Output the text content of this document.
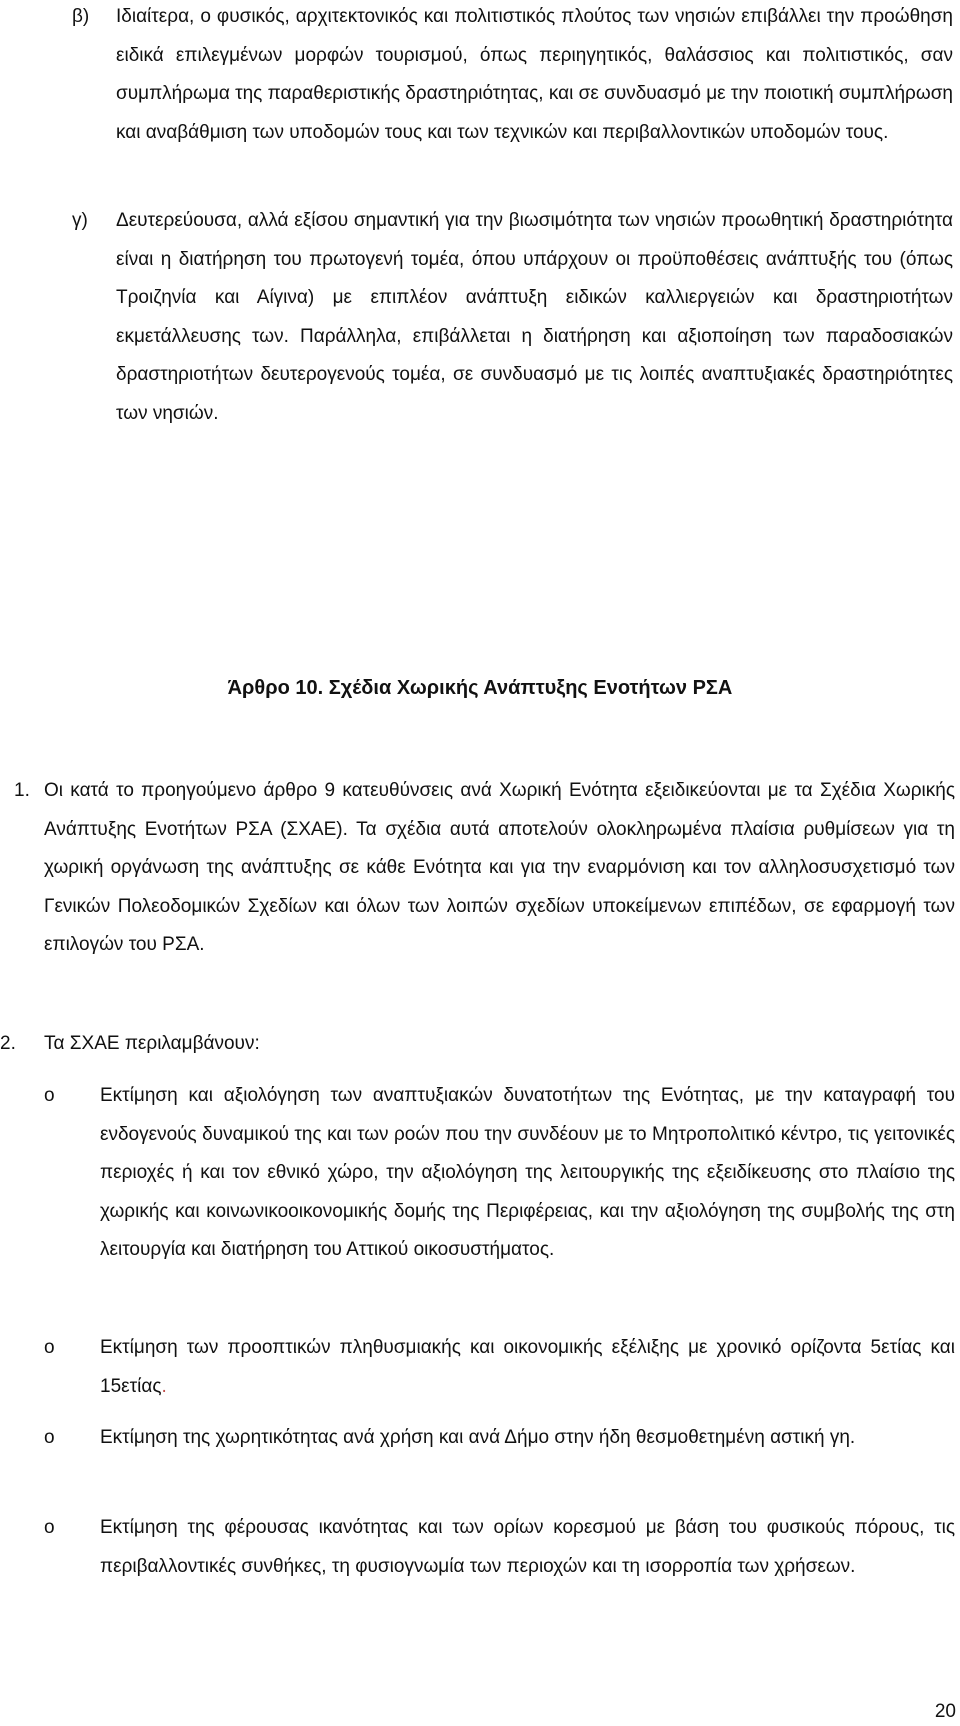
β)	Ιδιαίτερα, ο φυσικός, αρχιτεκτονικός και πολιτιστικός πλούτος των νησιών επιβάλλει την προώθηση ειδικά επιλεγμένων μορφών τουρισμού, όπως περιηγητικός, θαλάσσιος και πολιτιστικός, σαν συμπλήρωμα της παραθεριστικής δραστηριότητας, και σε συνδυασμό με την ποιοτική συμπλήρωση και αναβάθμιση των υποδομών τους και των τεχνικών και περιβαλλοντικών υποδομών τους.
γ)	Δευτερεύουσα, αλλά εξίσου σημαντική για την βιωσιμότητα των νησιών προωθητική δραστηριότητα είναι η διατήρηση του πρωτογενή τομέα, όπου υπάρχουν οι προϋποθέσεις ανάπτυξής του (όπως Τροιζηνία και Αίγινα) με επιπλέον ανάπτυξη ειδικών καλλιεργειών και δραστηριοτήτων εκμετάλλευσης των. Παράλληλα, επιβάλλεται η διατήρηση και αξιοποίηση των παραδοσιακών δραστηριοτήτων δευτερογενούς τομέα, σε συνδυασμό με τις λοιπές αναπτυξιακές δραστηριότητες των νησιών.
Άρθρο 10. Σχέδια Χωρικής Ανάπτυξης Ενοτήτων ΡΣΑ
1. Οι κατά το προηγούμενο άρθρο 9 κατευθύνσεις ανά Χωρική Ενότητα εξειδικεύονται με τα Σχέδια Χωρικής Ανάπτυξης Ενοτήτων ΡΣΑ (ΣΧΑΕ). Τα σχέδια αυτά αποτελούν ολοκληρωμένα πλαίσια ρυθμίσεων για τη χωρική οργάνωση της ανάπτυξης σε κάθε Ενότητα και για την εναρμόνιση και τον αλληλοσυσχετισμό των Γενικών Πολεοδομικών Σχεδίων και όλων των λοιπών σχεδίων υποκείμενων επιπέδων, σε εφαρμογή των επιλογών του ΡΣΑ.
2.	Τα ΣΧΑΕ περιλαμβάνουν:
o	Εκτίμηση και αξιολόγηση των αναπτυξιακών δυνατοτήτων της Ενότητας, με την καταγραφή του ενδογενούς δυναμικού της και των ροών που την συνδέουν με το Μητροπολιτικό κέντρο, τις γειτονικές περιοχές ή και τον εθνικό χώρο, την αξιολόγηση της λειτουργικής της εξειδίκευσης στο πλαίσιο της χωρικής και κοινωνικοοικονομικής δομής της Περιφέρειας, και την αξιολόγηση της συμβολής της στη λειτουργία και διατήρηση του Αττικού οικοσυστήματος.
o	Εκτίμηση των προοπτικών πληθυσμιακής και οικονομικής εξέλιξης με χρονικό ορίζοντα 5ετίας και 15ετίας.
o	Εκτίμηση της χωρητικότητας ανά χρήση και ανά Δήμο στην ήδη θεσμοθετημένη αστική γη.
o	Εκτίμηση της φέρουσας ικανότητας και των ορίων κορεσμού με βάση του φυσικούς πόρους, τις περιβαλλοντικές συνθήκες, τη φυσιογνωμία των περιοχών και τη ισορροπία των χρήσεων.
20
